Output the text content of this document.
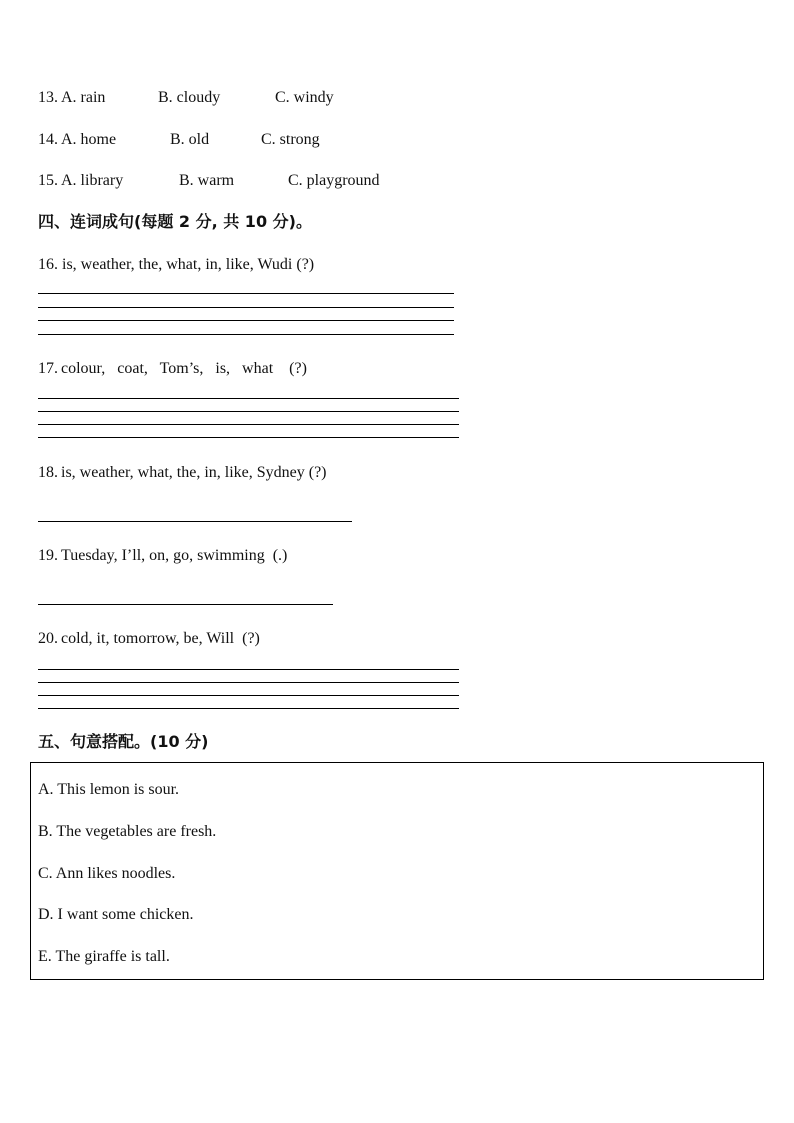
13. A. rain	B. cloudy	C. windy
14. A. home	B. old	C. strong
15. A. library	B. warm	C. playground
四、连词成句(每题 2 分, 共 10 分)。
16. is, weather, the, what, in, like, Wudi (?)
17. colour,   coat,   Tom’s,   is,   what    (?)
18. is, weather, what, the, in, like, Sydney (?)
19. Tuesday, I’ll, on, go, swimming  (.)
20. cold, it, tomorrow, be, Will  (?)
五、句意搭配。(10 分)
A. This lemon is sour.
B. The vegetables are fresh.
C. Ann likes noodles.
D. I want some chicken.
E. The giraffe is tall.
